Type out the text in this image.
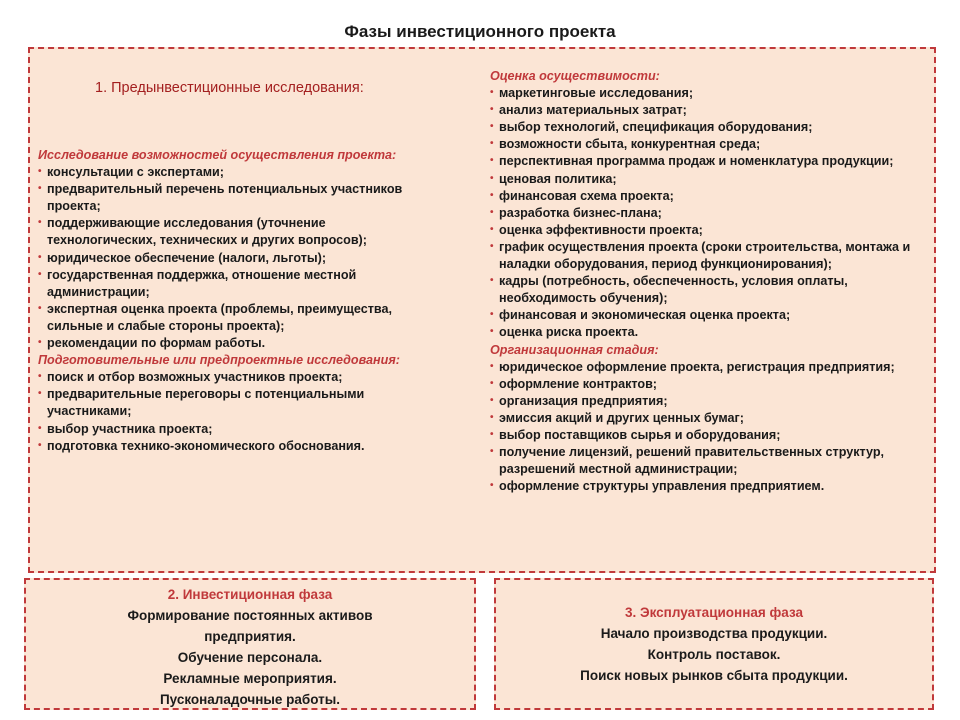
Фазы инвестиционного проекта
1. Предынвестиционные исследования:
Исследование возможностей осуществления проекта:
• консультации с экспертами;
• предварительный перечень потенциальных участников проекта;
• поддерживающие исследования (уточнение технологических, технических и других вопросов);
• юридическое обеспечение (налоги, льготы);
• государственная поддержка, отношение местной администрации;
• экспертная оценка проекта (проблемы, преимущества, сильные и слабые стороны проекта);
• рекомендации по формам работы.
Подготовительные или предпроектные исследования:
• поиск и отбор возможных участников проекта;
• предварительные переговоры с потенциальными участниками;
• выбор участника проекта;
• подготовка технико-экономического обоснования.
Оценка осуществимости:
• маркетинговые исследования;
• анализ материальных затрат;
• выбор технологий, спецификация оборудования;
• возможности сбыта, конкурентная среда;
• перспективная программа продаж и номенклатура продукции;
• ценовая политика;
• финансовая схема проекта;
• разработка бизнес-плана;
• оценка эффективности проекта;
• график осуществления проекта (сроки строительства, монтажа и наладки оборудования, период функционирования);
• кадры (потребность, обеспеченность, условия оплаты, необходимость обучения);
• финансовая и экономическая оценка проекта;
• оценка риска проекта.
Организационная стадия:
• юридическое оформление проекта, регистрация предприятия;
• оформление контрактов;
• организация предприятия;
• эмиссия акций и других ценных бумаг;
• выбор поставщиков сырья и оборудования;
• получение лицензий, решений правительственных структур, разрешений местной администрации;
• оформление структуры управления предприятием.
2. Инвестиционная фаза
Формирование постоянных активов предприятия.
Обучение персонала.
Рекламные мероприятия.
Пусконаладочные работы.
3. Эксплуатационная фаза
Начало производства продукции.
Контроль поставок.
Поиск новых рынков сбыта продукции.
